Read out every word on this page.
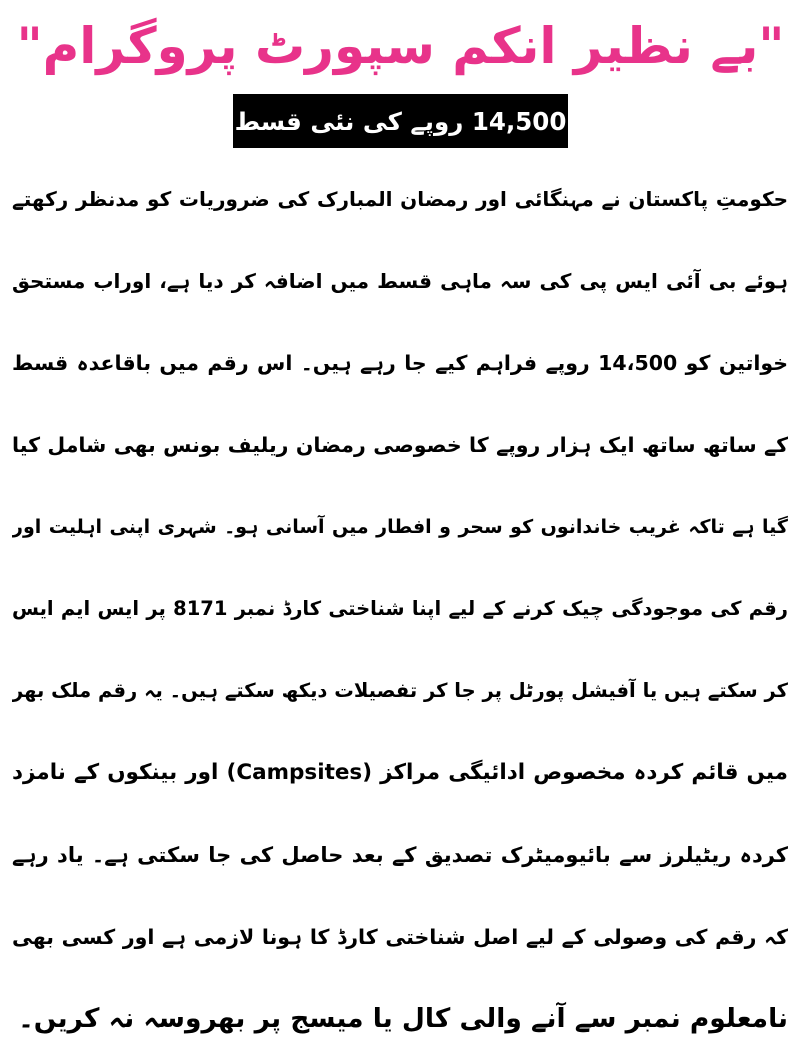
"بے نظیر انکم سپورٹ پروگرام"
14,500 روپے کی نئی قسط
حکومتِ پاکستان نے مہنگائی اور رمضان المبارک کی ضروریات کو مدنظر رکھتے
ہوئے بی آئی ایس پی کی سہ ماہی قسط میں اضافہ کر دیا ہے، اوراب مستحق
خواتین کو 14،500 روپے فراہم کیے جا رہے ہیں۔ اس رقم میں باقاعدہ قسط
کے ساتھ ساتھ ایک ہزار روپے کا خصوصی رمضان ریلیف بونس بھی شامل کیا
گیا ہے تاکہ غریب خاندانوں کو سحر و افطار میں آسانی ہو۔ شہری اپنی اہلیت اور
رقم کی موجودگی چیک کرنے کے لیے اپنا شناختی کارڈ نمبر 8171 پر ایس ایم ایس
کر سکتے ہیں یا آفیشل پورٹل پر جا کر تفصیلات دیکھ سکتے ہیں۔ یہ رقم ملک بھر
میں قائم کردہ مخصوص ادائیگی مراکز (Campsites) اور بینکوں کے نامزد
کردہ ریٹیلرز سے بائیومیٹرک تصدیق کے بعد حاصل کی جا سکتی ہے۔ یاد رہے
کہ رقم کی وصولی کے لیے اصل شناختی کارڈ کا ہونا لازمی ہے اور کسی بھی
نامعلوم نمبر سے آنے والی کال یا میسج پر بھروسہ نہ کریں۔
